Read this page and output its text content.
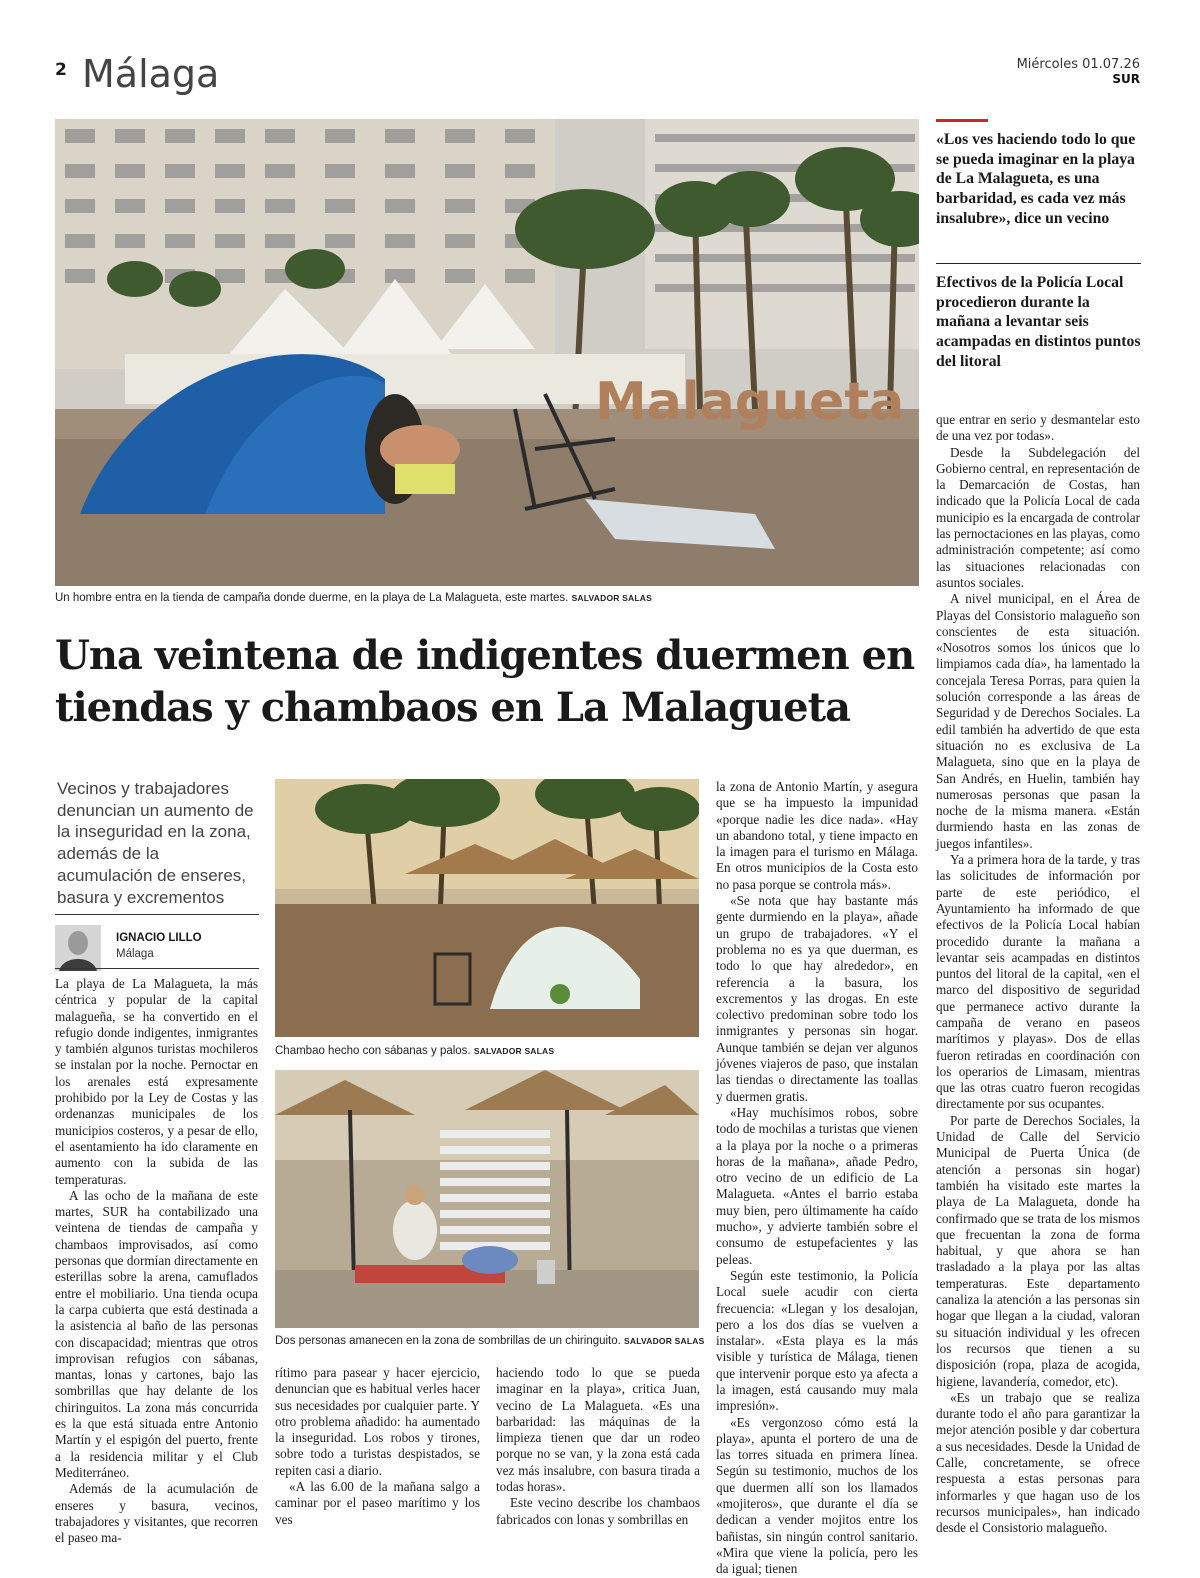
2 Málaga	Miércoles 01.07.26
SUR
Malagueta
Un hombre entra en la tienda de campaña donde duerme, en la playa de La Malagueta, este martes. SALVADOR SALAS
Una veintena de indigentes duermen en tiendas y chambaos en La Malagueta
Vecinos y trabajadores denuncian un aumento de la inseguridad en la zona, además de la acumulación de enseres, basura y excrementos
IGNACIO LILLO
Málaga

La playa de La Malagueta, la más céntrica y popular de la capital malagueña, se ha convertido en el refugio donde indigentes, inmigrantes y también algunos turistas mochileros se instalan por la noche. Pernoctar en los arenales está expresamente prohibido por la Ley de Costas y las ordenanzas municipales de los municipios costeros, y a pesar de ello, el asentamiento ha ido claramente en aumento con la subida de las temperaturas.

A las ocho de la mañana de este martes, SUR ha contabilizado una veintena de tiendas de campaña y chambaos improvisados, así como personas que dormían directamente en esterillas sobre la arena, camuflados entre el mobiliario. Una tienda ocupa la carpa cubierta que está destinada a la asistencia al baño de las personas con discapacidad; mientras que otros improvisan refugios con sábanas, mantas, lonas y cartones, bajo las sombrillas que hay delante de los chiringuitos. La zona más concurrida es la que está situada entre Antonio Martín y el espigón del puerto, frente a la residencia militar y el Club Mediterráneo.

Además de la acumulación de enseres y basura, vecinos, trabajadores y visitantes, que recorren el paseo ma-

Chambao hecho con sábanas y palos. SALVADOR SALAS
Dos personas amanecen en la zona de sombrillas de un chiringuito. SALVADOR SALAS

rítimo para pasear y hacer ejercicio, denuncian que es habitual verles hacer sus necesidades por cualquier parte. Y otro problema añadido: ha aumentado la inseguridad. Los robos y tirones, sobre todo a turistas despistados, se repiten casi a diario.

«A las 6.00 de la mañana salgo a caminar por el paseo marítimo y los ves

haciendo todo lo que se pueda imaginar en la playa», critica Juan, vecino de La Malagueta. «Es una barbaridad: las máquinas de la limpieza tienen que dar un rodeo porque no se van, y la zona está cada vez más insalubre, con basura tirada a todas horas».

Este vecino describe los chambaos fabricados con lonas y sombrillas en

la zona de Antonio Martín, y asegura que se ha impuesto la impunidad «porque nadie les dice nada». «Hay un abandono total, y tiene impacto en la imagen para el turismo en Málaga. En otros municipios de la Costa esto no pasa porque se controla más».

«Se nota que hay bastante más gente durmiendo en la playa», añade un grupo de trabajadores. «Y el problema no es ya que duerman, es todo lo que hay alrededor», en referencia a la basura, los excrementos y las drogas. En este colectivo predominan sobre todo los inmigrantes y personas sin hogar. Aunque también se dejan ver algunos jóvenes viajeros de paso, que instalan las tiendas o directamente las toallas y duermen gratis.

«Hay muchísimos robos, sobre todo de mochilas a turistas que vienen a la playa por la noche o a primeras horas de la mañana», añade Pedro, otro vecino de un edificio de La Malagueta. «Antes el barrio estaba muy bien, pero últimamente ha caído mucho», y advierte también sobre el consumo de estupefacientes y las peleas.

Según este testimonio, la Policía Local suele acudir con cierta frecuencia: «Llegan y los desalojan, pero a los dos días se vuelven a instalar». «Esta playa es la más visible y turística de Málaga, tienen que intervenir porque esto ya afecta a la imagen, está causando muy mala impresión».

«Es vergonzoso cómo está la playa», apunta el portero de una de las torres situada en primera línea. Según su testimonio, muchos de los que duermen allí son los llamados «mojiteros», que durante el día se dedican a vender mojitos entre los bañistas, sin ningún control sanitario. «Mira que viene la policía, pero les da igual; tienen

«Los ves haciendo todo lo que se pueda imaginar en la playa de La Malagueta, es una barbaridad, es cada vez más insalubre», dice un vecino
Efectivos de la Policía Local procedieron durante la mañana a levantar seis acampadas en distintos puntos del litoral

que entrar en serio y desmantelar esto de una vez por todas».

Desde la Subdelegación del Gobierno central, en representación de la Demarcación de Costas, han indicado que la Policía Local de cada municipio es la encargada de controlar las pernoctaciones en las playas, como administración competente; así como las situaciones relacionadas con asuntos sociales.

A nivel municipal, en el Área de Playas del Consistorio malagueño son conscientes de esta situación. «Nosotros somos los únicos que lo limpiamos cada día», ha lamentado la concejala Teresa Porras, para quien la solución corresponde a las áreas de Seguridad y de Derechos Sociales. La edil también ha advertido de que esta situación no es exclusiva de La Malagueta, sino que en la playa de San Andrés, en Huelin, también hay numerosas personas que pasan la noche de la misma manera. «Están durmiendo hasta en las zonas de juegos infantiles».

Ya a primera hora de la tarde, y tras las solicitudes de información por parte de este periódico, el Ayuntamiento ha informado de que efectivos de la Policía Local habían procedido durante la mañana a levantar seis acampadas en distintos puntos del litoral de la capital, «en el marco del dispositivo de seguridad que permanece activo durante la campaña de verano en paseos marítimos y playas». Dos de ellas fueron retiradas en coordinación con los operarios de Limasam, mientras que las otras cuatro fueron recogidas directamente por sus ocupantes.

Por parte de Derechos Sociales, la Unidad de Calle del Servicio Municipal de Puerta Única (de atención a personas sin hogar) también ha visitado este martes la playa de La Malagueta, donde ha confirmado que se trata de los mismos que frecuentan la zona de forma habitual, y que ahora se han trasladado a la playa por las altas temperaturas. Este departamento canaliza la atención a las personas sin hogar que llegan a la ciudad, valoran su situación individual y les ofrecen los recursos que tienen a su disposición (ropa, plaza de acogida, higiene, lavandería, comedor, etc).

«Es un trabajo que se realiza durante todo el año para garantizar la mejor atención posible y dar cobertura a sus necesidades. Desde la Unidad de Calle, concretamente, se ofrece respuesta a estas personas para informarles y que hagan uso de los recursos municipales», han indicado desde el Consistorio malagueño.
